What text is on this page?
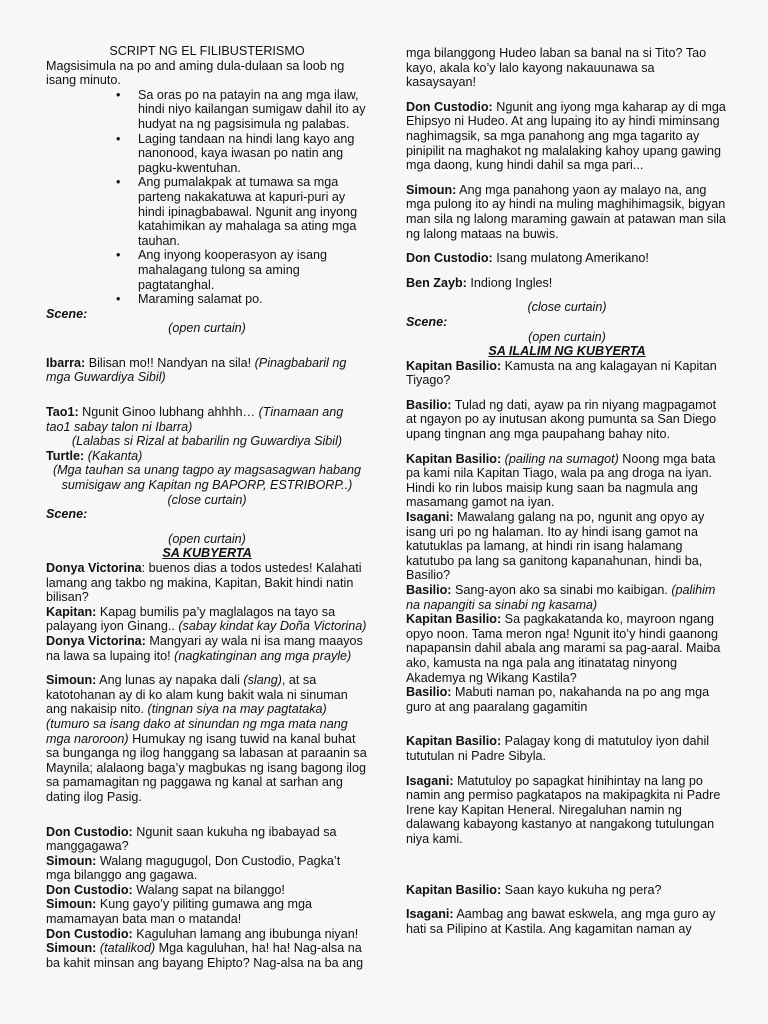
SCRIPT NG EL FILIBUSTERISMO

Magsisimula na po and aming dula-dulaan sa loob ng isang minuto.

• Sa oras po na patayin na ang mga ilaw, hindi niyo kailangan sumigaw dahil ito ay hudyat na ng pagsisimula ng palabas.

• Laging tandaan na hindi lang kayo ang nanonood, kaya iwasan po natin ang pagku-kwentuhan.

• Ang pumalakpak at tumawa sa mga parteng nakakatuwa at kapuri-puri ay hindi ipinagbabawal. Ngunit ang inyong katahimikan ay mahalaga sa ating mga tauhan.

• Ang inyong kooperasyon ay isang mahalagang tulong sa aming pagtatanghal.

• Maraming salamat po.

Scene:

(open curtain)

Ibarra: Bilisan mo!! Nandyan na sila! (Pinagbabaril ng mga Guwardiya Sibil)

Tao1: Ngunit Ginoo lubhang ahhhh… (Tinamaan ang tao1 sabay talon ni Ibarra)

(Lalabas si Rizal at babarilin ng Guwardiya Sibil)

Turtle: (Kakanta)

(Mga tauhan sa unang tagpo ay magsasagwan habang sumisigaw ang Kapitan ng BAPORP, ESTRIBORP..)

(close curtain)

Scene:

(open curtain)

SA KUBYERTA

Donya Victorina: buenos dias a todos ustedes! Kalahati lamang ang takbo ng makina, Kapitan, Bakit hindi natin bilisan?

Kapitan: Kapag bumilis pa’y maglalagos na tayo sa palayang iyon Ginang.. (sabay kindat kay Doña Victorina)

Donya Victorina: Mangyari ay wala ni isa mang maayos na lawa sa lupaing ito! (nagkatinginan ang mga prayle)

Simoun: Ang lunas ay napaka dali (slang), at sa katotohanan ay di ko alam kung bakit wala ni sinuman ang nakaisip nito. (tingnan siya na may pagtataka) (tumuro sa isang dako at sinundan ng mga mata nang mga naroroon) Humukay ng isang tuwid na kanal buhat sa bunganga ng ilog hanggang sa labasan at paraanin sa Maynila; alalaong baga’y magbukas ng isang bagong ilog sa pamamagitan ng paggawa ng kanal at sarhan ang dating ilog Pasig.

Don Custodio: Ngunit saan kukuha ng ibabayad sa manggagawa?

Simoun: Walang magugugol, Don Custodio, Pagka’t mga bilanggo ang gagawa.

Don Custodio: Walang sapat na bilanggo!

Simoun: Kung gayo’y piliting gumawa ang mga mamamayan bata man o matanda!

Don Custodio: Kaguluhan lamang ang ibubunga niyan!

Simoun: (tatalikod) Mga kaguluhan, ha! ha! Nag-alsa na ba kahit minsan ang bayang Ehipto? Nag-alsa na ba ang

mga bilanggong Hudeo laban sa banal na si Tito? Tao kayo, akala ko’y lalo kayong nakauunawa sa kasaysayan!

Don Custodio: Ngunit ang iyong mga kaharap ay di mga Ehipsyo ni Hudeo. At ang lupaing ito ay hindi miminsang naghimagsik, sa mga panahong ang mga tagarito ay pinipilit na maghakot ng malalaking kahoy upang gawing mga daong, kung hindi dahil sa mga pari...

Simoun: Ang mga panahong yaon ay malayo na, ang mga pulong ito ay hindi na muling maghihimagsik, bigyan man sila ng lalong maraming gawain at patawan man sila ng lalong mataas na buwis.

Don Custodio: Isang mulatong Amerikano!

Ben Zayb: Indiong Ingles!

(close curtain)

Scene:

(open curtain)

SA ILALIM NG KUBYERTA

Kapitan Basilio: Kamusta na ang kalagayan ni Kapitan Tiyago?

Basilio: Tulad ng dati, ayaw pa rin niyang magpagamot at ngayon po ay inutusan akong pumunta sa San Diego upang tingnan ang mga paupahang bahay nito.

Kapitan Basilio: (pailing na sumagot) Noong mga bata pa kami nila Kapitan Tiago, wala pa ang droga na iyan. Hindi ko rin lubos maisip kung saan ba nagmula ang masamang gamot na iyan.

Isagani: Mawalang galang na po, ngunit ang opyo ay isang uri po ng halaman. Ito ay hindi isang gamot na katutuklas pa lamang, at hindi rin isang halamang katutubo pa lang sa ganitong kapanahunan, hindi ba, Basilio?

Basilio: Sang-ayon ako sa sinabi mo kaibigan. (palihim na napangiti sa sinabi ng kasama)

Kapitan Basilio: Sa pagkakatanda ko, mayroon ngang opyo noon. Tama meron nga! Ngunit ito’y hindi gaanong napapansin dahil abala ang marami sa pag-aaral. Maiba ako, kamusta na nga pala ang itinatatag ninyong Akademya ng Wikang Kastila?

Basilio: Mabuti naman po, nakahanda na po ang mga guro at ang paaralang gagamitin

Kapitan Basilio: Palagay kong di matutuloy iyon dahil tututulan ni Padre Sibyla.

Isagani: Matutuloy po sapagkat hinihintay na lang po namin ang permiso pagkatapos na makipagkita ni Padre Irene kay Kapitan Heneral. Niregaluhan namin ng dalawang kabayong kastanyo at nangakong tutulungan niya kami.

Kapitan Basilio: Saan kayo kukuha ng pera?

Isagani: Aambag ang bawat eskwela, ang mga guro ay hati sa Pilipino at Kastila. Ang kagamitan naman ay
